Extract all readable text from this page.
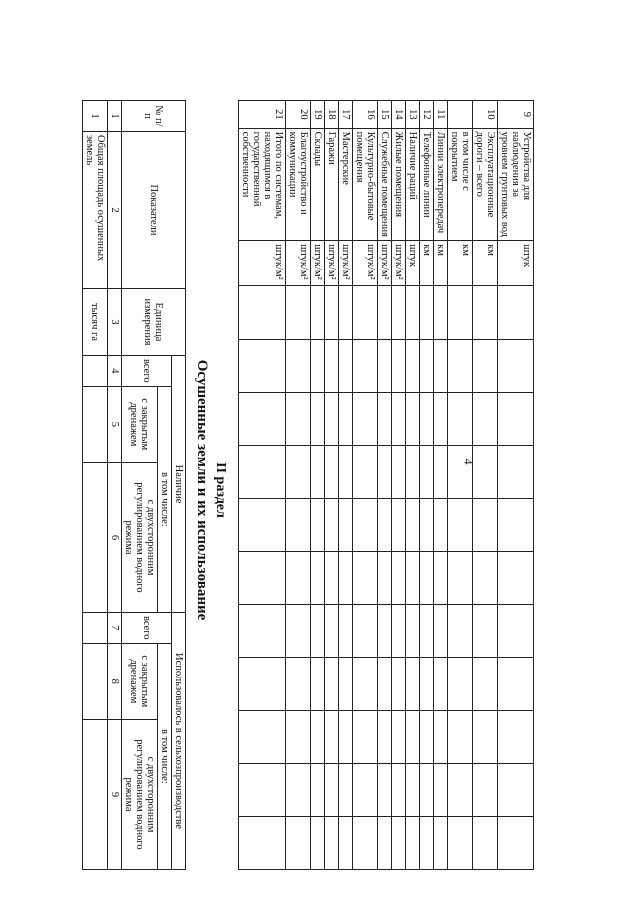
4
9	Устройства для наблюдения за уровнем грунтовых вод	штук											
10	Эксплуатационные дороги – всего	км											
	в том числе с покрытием	км											
11	Линии электропередач	км											
12	Телефонные линии	км											
13	Наличие раций	штук											
14	Жилые помещения	штук/м²											
15	Служебные помещения	штук/м²											
16	Культурно-бытовые помещения	штук/м²											
17	Мастерские	штук/м²											
18	Гаражи	штук/м²											
19	Склады	штук/м²											
20	Благоустройство и коммуникации	штук/м²											
21	Итого по системам, находящимся в государственной собственности	штук/м²											
II раздел
Осушенные земли и их использование
№ п/п	Показатели	Единица измерения	Наличие			Использовалось в сельхозпроизводстве		
			всего	в том числе:		всего	в том числе:	
				с закрытым дренажем	с двухсторонним регулированием водного режима		с закрытым дренажем	с двухсторонним регулированием водного режима
1	2	3	4	5	6	7	8	9
1	Общая площадь осушенных земель	тысяч га						
